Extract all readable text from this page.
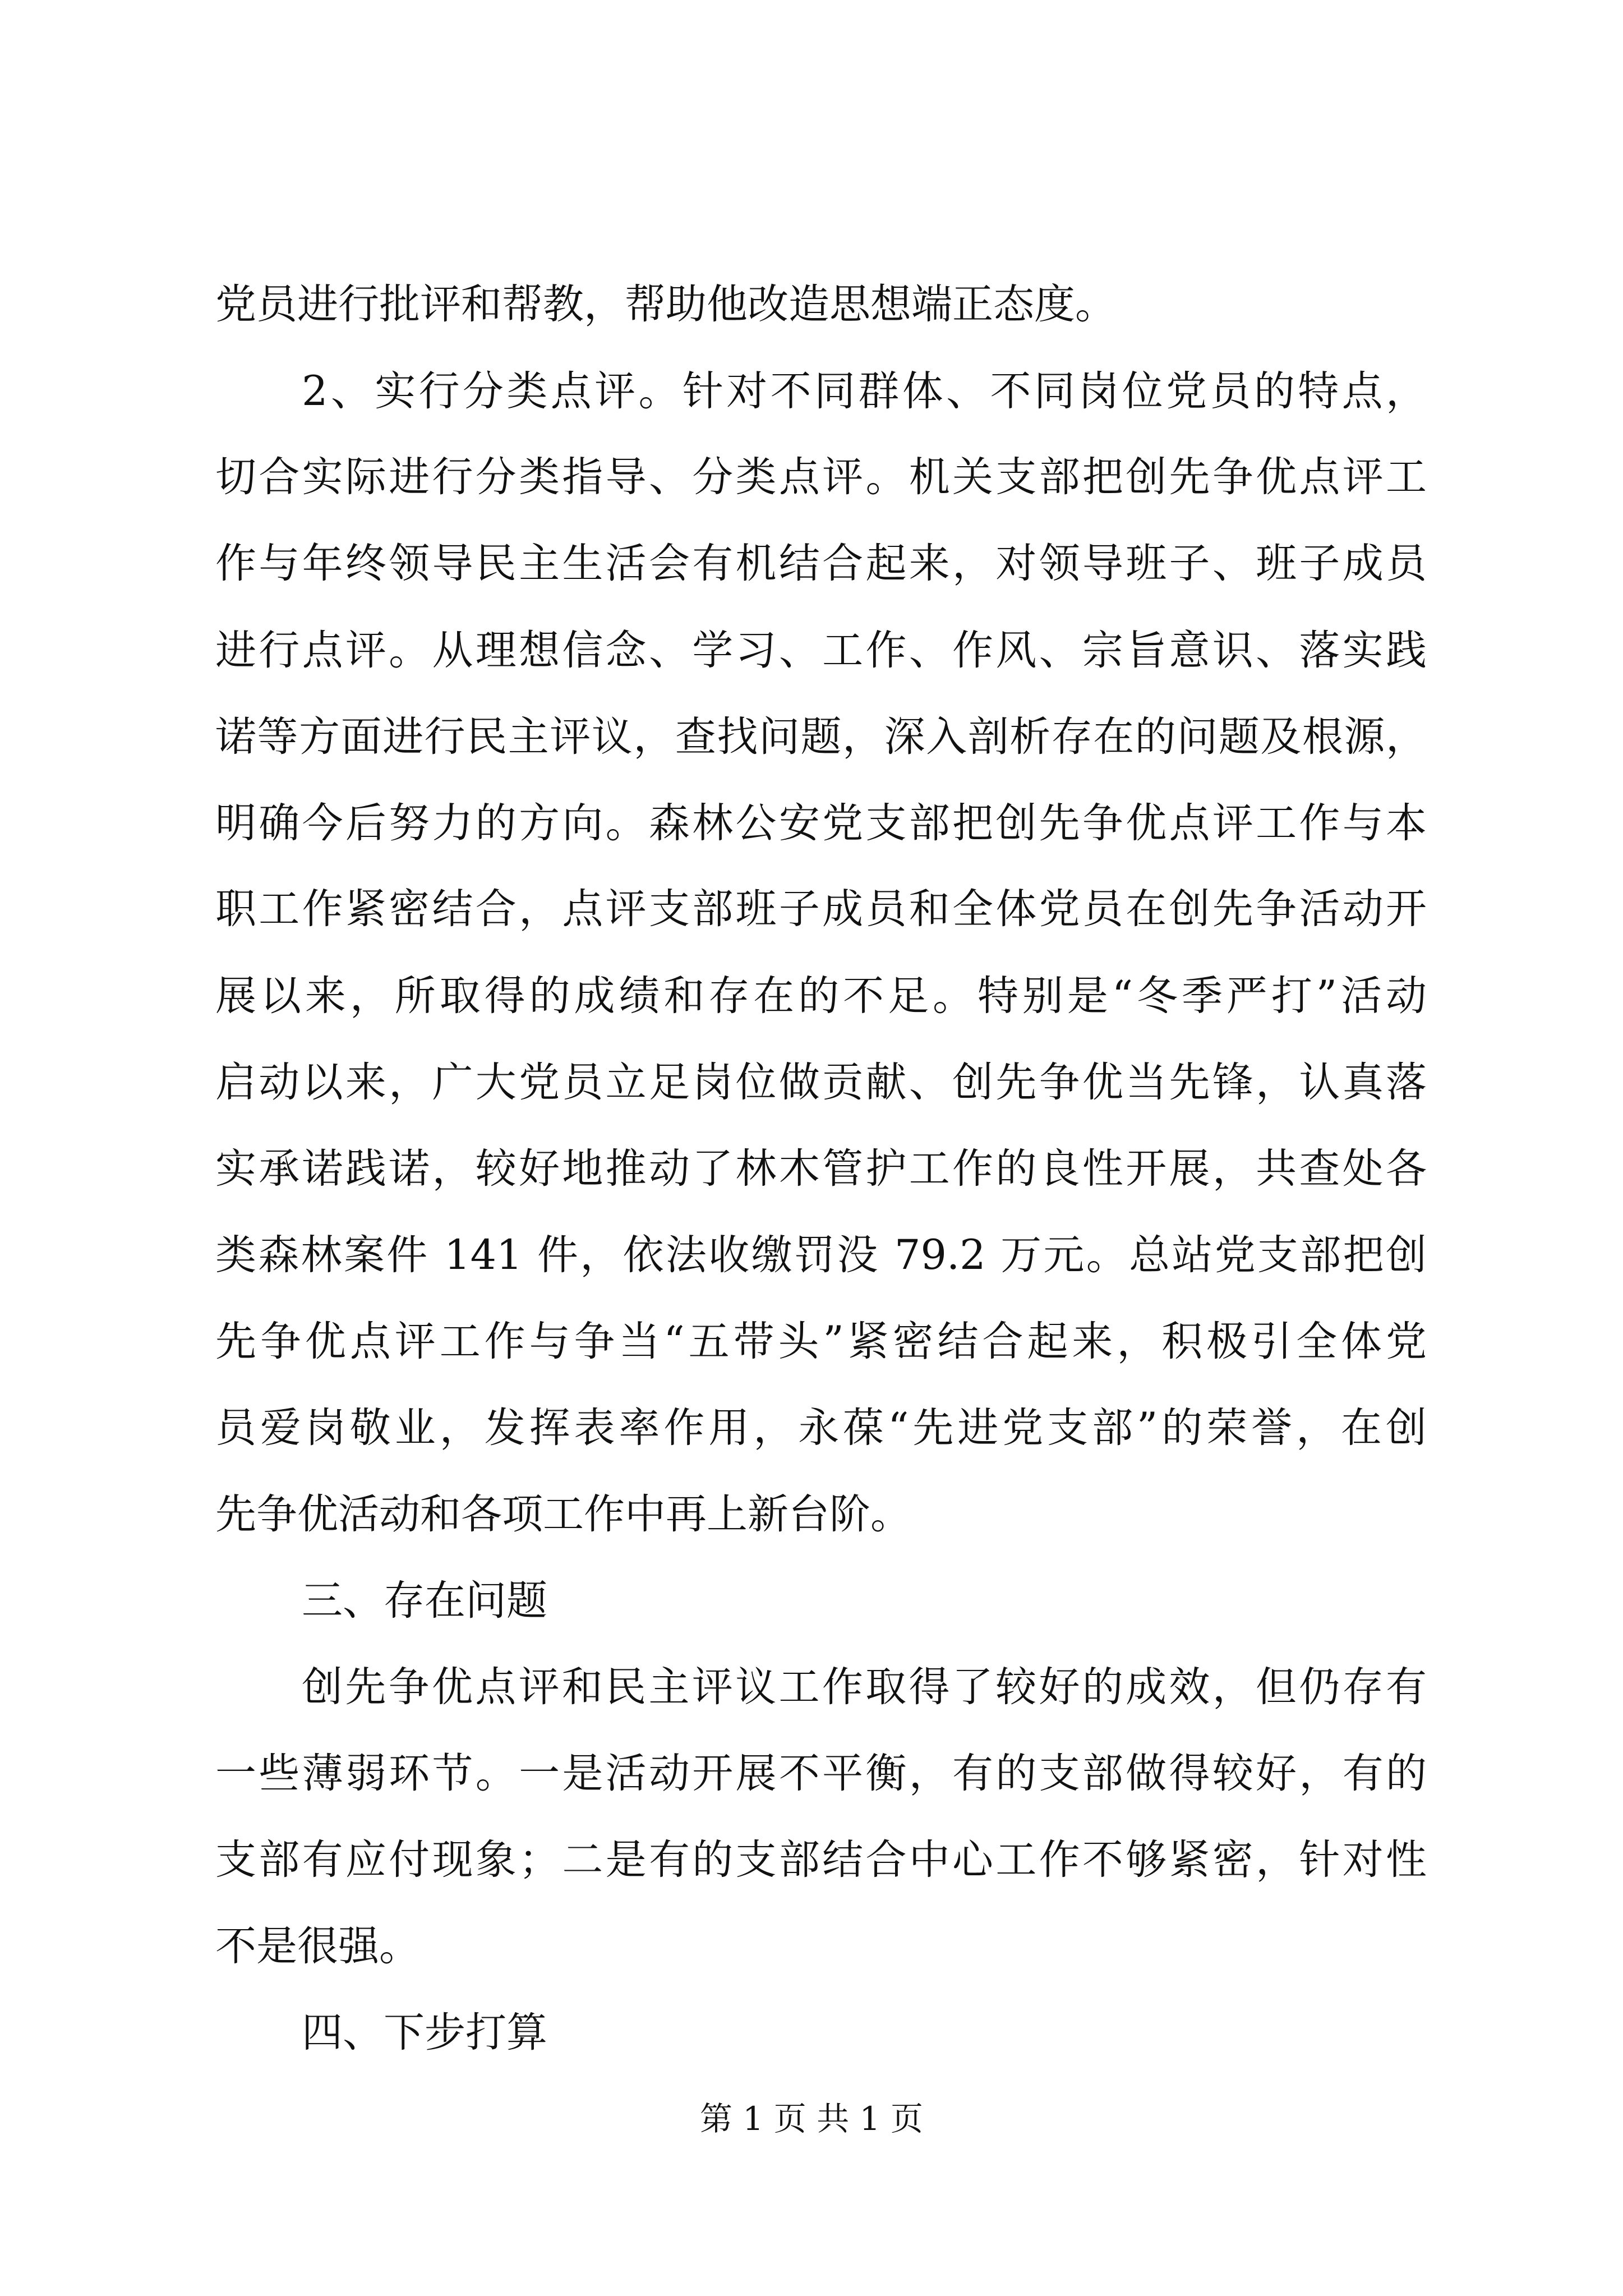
党员进行批评和帮教，帮助他改造思想端正态度。
2、实行分类点评。针对不同群体、不同岗位党员的特点，
切合实际进行分类指导、分类点评。机关支部把创先争优点评工
作与年终领导民主生活会有机结合起来，对领导班子、班子成员
进行点评。从理想信念、学习、工作、作风、宗旨意识、落实践
诺等方面进行民主评议，查找问题，深入剖析存在的问题及根源，
明确今后努力的方向。森林公安党支部把创先争优点评工作与本
职工作紧密结合，点评支部班子成员和全体党员在创先争活动开
展以来，所取得的成绩和存在的不足。特别是“冬季严打”活动
启动以来，广大党员立足岗位做贡献、创先争优当先锋，认真落
实承诺践诺，较好地推动了林木管护工作的良性开展，共查处各
类森林案件 141 件，依法收缴罚没 79.2 万元。总站党支部把创
先争优点评工作与争当“五带头”紧密结合起来，积极引全体党
员爱岗敬业，发挥表率作用，永葆“先进党支部”的荣誉，在创
先争优活动和各项工作中再上新台阶。
三、存在问题
创先争优点评和民主评议工作取得了较好的成效，但仍存有
一些薄弱环节。一是活动开展不平衡，有的支部做得较好，有的
支部有应付现象；二是有的支部结合中心工作不够紧密，针对性
不是很强。
四、下步打算
第 1 页 共 1 页
